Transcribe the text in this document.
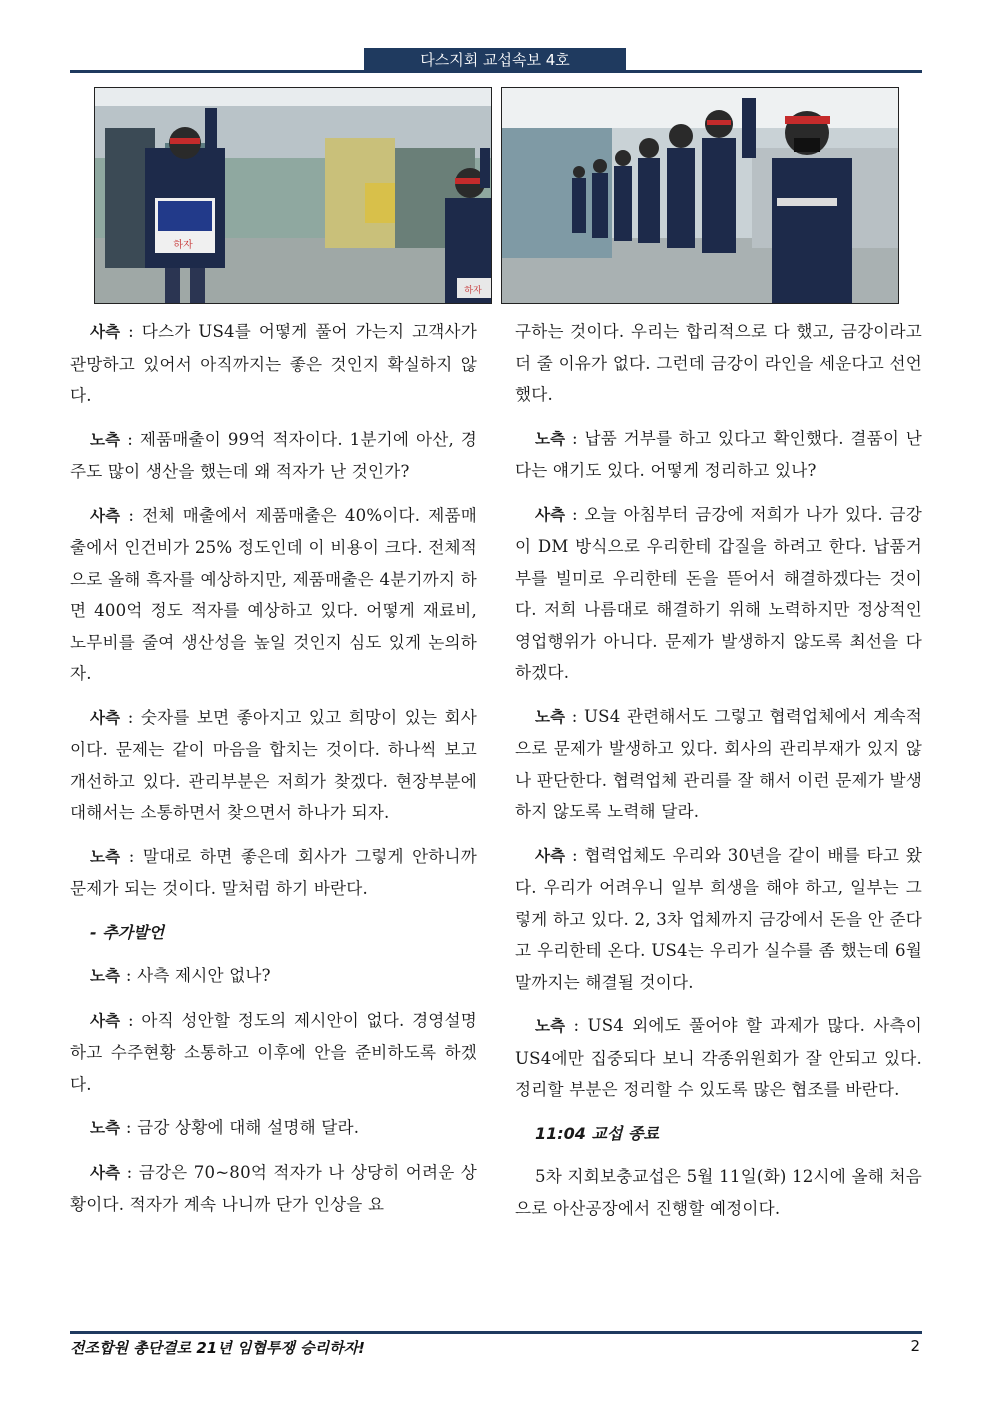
다스지회 교섭속보 4호
하자
하자

사측 : 다스가 US4를 어떻게 풀어 가는지 고객사가 관망하고 있어서 아직까지는 좋은 것인지 확실하지 않다.

노측 : 제품매출이 99억 적자이다. 1분기에 아산, 경주도 많이 생산을 했는데 왜 적자가 난 것인가?

사측 : 전체 매출에서 제품매출은 40%이다. 제품매출에서 인건비가 25% 정도인데 이 비용이 크다. 전체적으로 올해 흑자를 예상하지만, 제품매출은 4분기까지 하면 400억 정도 적자를 예상하고 있다. 어떻게 재료비, 노무비를 줄여 생산성을 높일 것인지 심도 있게 논의하자.

사측 : 숫자를 보면 좋아지고 있고 희망이 있는 회사이다. 문제는 같이 마음을 합치는 것이다. 하나씩 보고 개선하고 있다. 관리부분은 저희가 찾겠다. 현장부분에 대해서는 소통하면서 찾으면서 하나가 되자.

노측 : 말대로 하면 좋은데 회사가 그렇게 안하니까 문제가 되는 것이다. 말처럼 하기 바란다.

- 추가발언

노측 : 사측 제시안 없나?

사측 : 아직 성안할 정도의 제시안이 없다. 경영설명하고 수주현황 소통하고 이후에 안을 준비하도록 하겠다.

노측 : 금강 상황에 대해 설명해 달라.

사측 : 금강은 70~80억 적자가 나 상당히 어려운 상황이다. 적자가 계속 나니까 단가 인상을 요

구하는 것이다. 우리는 합리적으로 다 했고, 금강이라고 더 줄 이유가 없다. 그런데 금강이 라인을 세운다고 선언했다.

노측 : 납품 거부를 하고 있다고 확인했다. 결품이 난다는 얘기도 있다. 어떻게 정리하고 있나?

사측 : 오늘 아침부터 금강에 저희가 나가 있다. 금강이 DM 방식으로 우리한테 갑질을 하려고 한다. 납품거부를 빌미로 우리한테 돈을 뜯어서 해결하겠다는 것이다. 저희 나름대로 해결하기 위해 노력하지만 정상적인 영업행위가 아니다. 문제가 발생하지 않도록 최선을 다 하겠다.

노측 : US4 관련해서도 그렇고 협력업체에서 계속적으로 문제가 발생하고 있다. 회사의 관리부재가 있지 않나 판단한다. 협력업체 관리를 잘 해서 이런 문제가 발생하지 않도록 노력해 달라.

사측 : 협력업체도 우리와 30년을 같이 배를 타고 왔다. 우리가 어려우니 일부 희생을 해야 하고, 일부는 그렇게 하고 있다. 2, 3차 업체까지 금강에서 돈을 안 준다고 우리한테 온다. US4는 우리가 실수를 좀 했는데 6월 말까지는 해결될 것이다.

노측 : US4 외에도 풀어야 할 과제가 많다. 사측이 US4에만 집중되다 보니 각종위원회가 잘 안되고 있다. 정리할 부분은 정리할 수 있도록 많은 협조를 바란다.

11:04 교섭 종료

5차 지회보충교섭은 5월 11일(화) 12시에 올해 처음으로 아산공장에서 진행할 예정이다.

전조합원 총단결로 21년 임협투쟁 승리하자!	2
